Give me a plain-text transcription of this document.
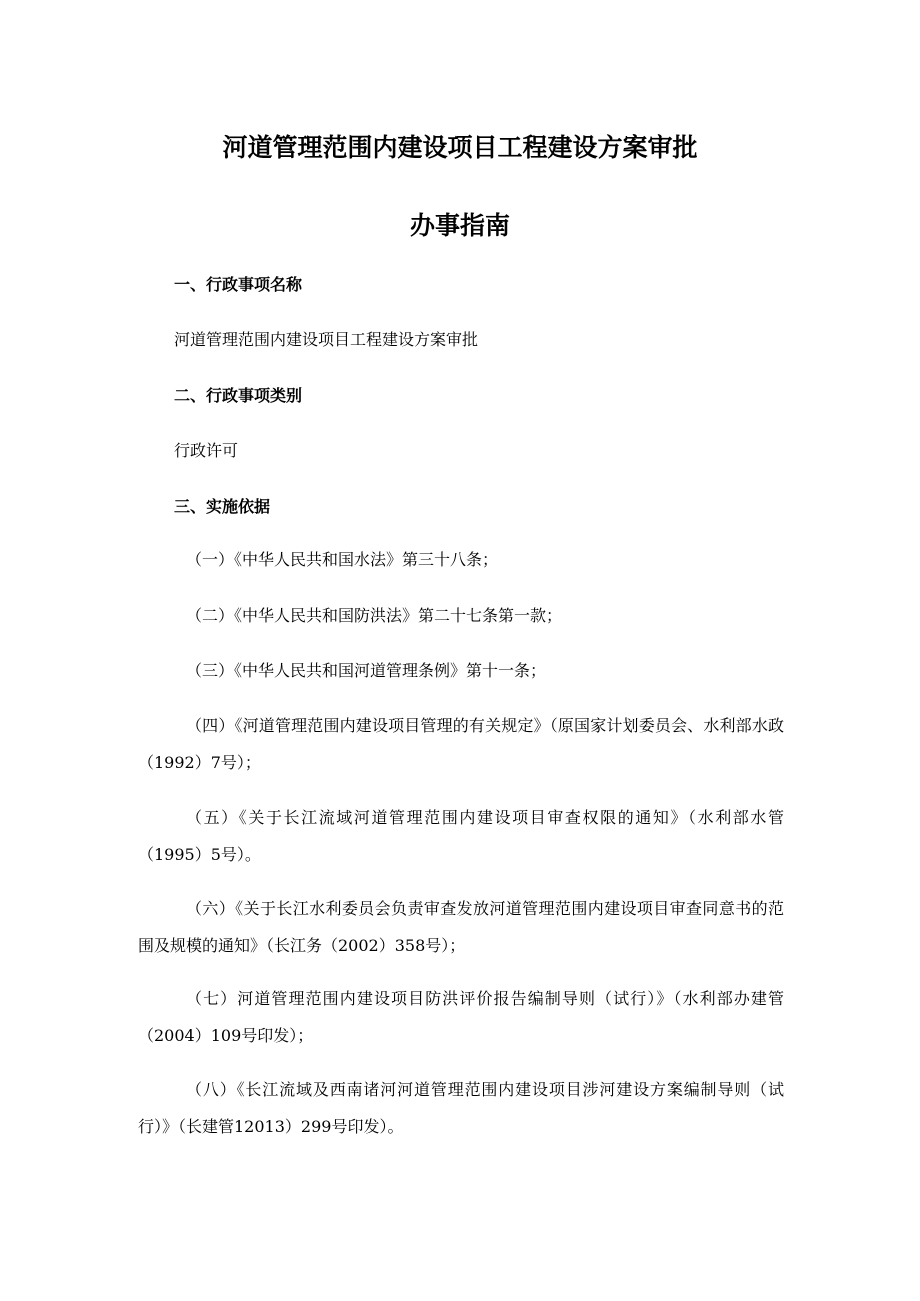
河道管理范围内建设项目工程建设方案审批
办事指南

一、行政事项名称

河道管理范围内建设项目工程建设方案审批

二、行政事项类别

行政许可

三、实施依据

（一）《中华人民共和国水法》第三十八条；

（二）《中华人民共和国防洪法》第二十七条第一款；

（三）《中华人民共和国河道管理条例》第十一条；

（四）《河道管理范围内建设项目管理的有关规定》（原国家计划委员会、水利部水政（1992）7号）；

（五）《关于长江流域河道管理范围内建设项目审查权限的通知》（水利部水管（1995）5号）。

（六）《关于长江水利委员会负责审查发放河道管理范围内建设项目审查同意书的范围及规模的通知》（长江务（2002）358号）；

（七）河道管理范围内建设项目防洪评价报告编制导则（试行）》（水利部办建管（2004）109号印发）；

（八）《长江流域及西南诸河河道管理范围内建设项目涉河建设方案编制导则（试行）》（长建管12013）299号印发）。
